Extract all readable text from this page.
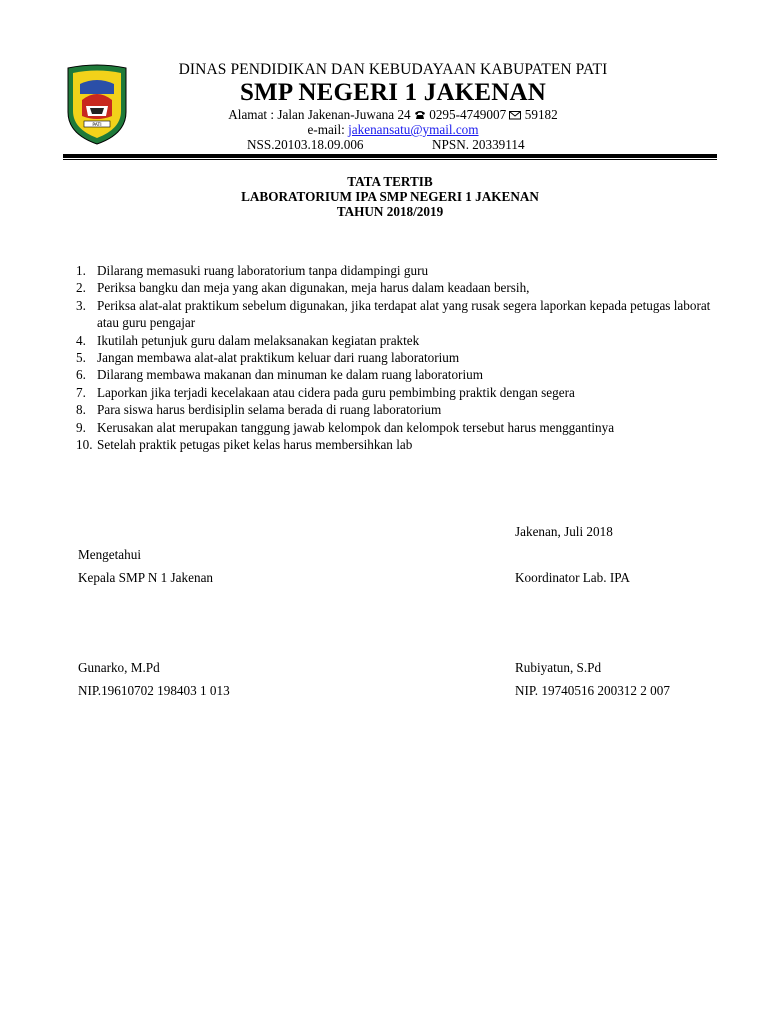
PATI
DINAS PENDIDIKAN DAN KEBUDAYAAN KABUPATEN PATI
SMP NEGERI 1 JAKENAN
Alamat : Jalan Jakenan-Juwana 24 0295-4749007 59182
e-mail: jakenansatu@ymail.com
NSS.20103.18.09.006	NPSN. 20339114
TATA TERTIB
LABORATORIUM IPA SMP NEGERI 1 JAKENAN
TAHUN 2018/2019
1. Dilarang memasuki ruang laboratorium tanpa didampingi guru
2. Periksa bangku dan meja yang akan digunakan, meja harus dalam keadaan bersih,
3. Periksa alat-alat praktikum sebelum digunakan, jika terdapat alat yang rusak segera laporkan kepada petugas laborat atau guru pengajar
4. Ikutilah petunjuk guru dalam melaksanakan kegiatan praktek
5. Jangan membawa alat-alat praktikum keluar dari ruang laboratorium
6. Dilarang membawa makanan dan minuman ke dalam ruang laboratorium
7. Laporkan jika terjadi kecelakaan atau cidera pada guru pembimbing praktik dengan segera
8. Para siswa harus berdisiplin selama berada di ruang laboratorium
9. Kerusakan alat merupakan tanggung jawab kelompok dan kelompok tersebut harus menggantinya
10. Setelah praktik petugas piket kelas harus membersihkan lab
Jakenan, Juli 2018
Mengetahui
Kepala SMP N 1 Jakenan	Koordinator Lab. IPA
Gunarko, M.Pd	Rubiyatun, S.Pd
NIP.19610702 198403 1 013	NIP. 19740516 200312 2 007
